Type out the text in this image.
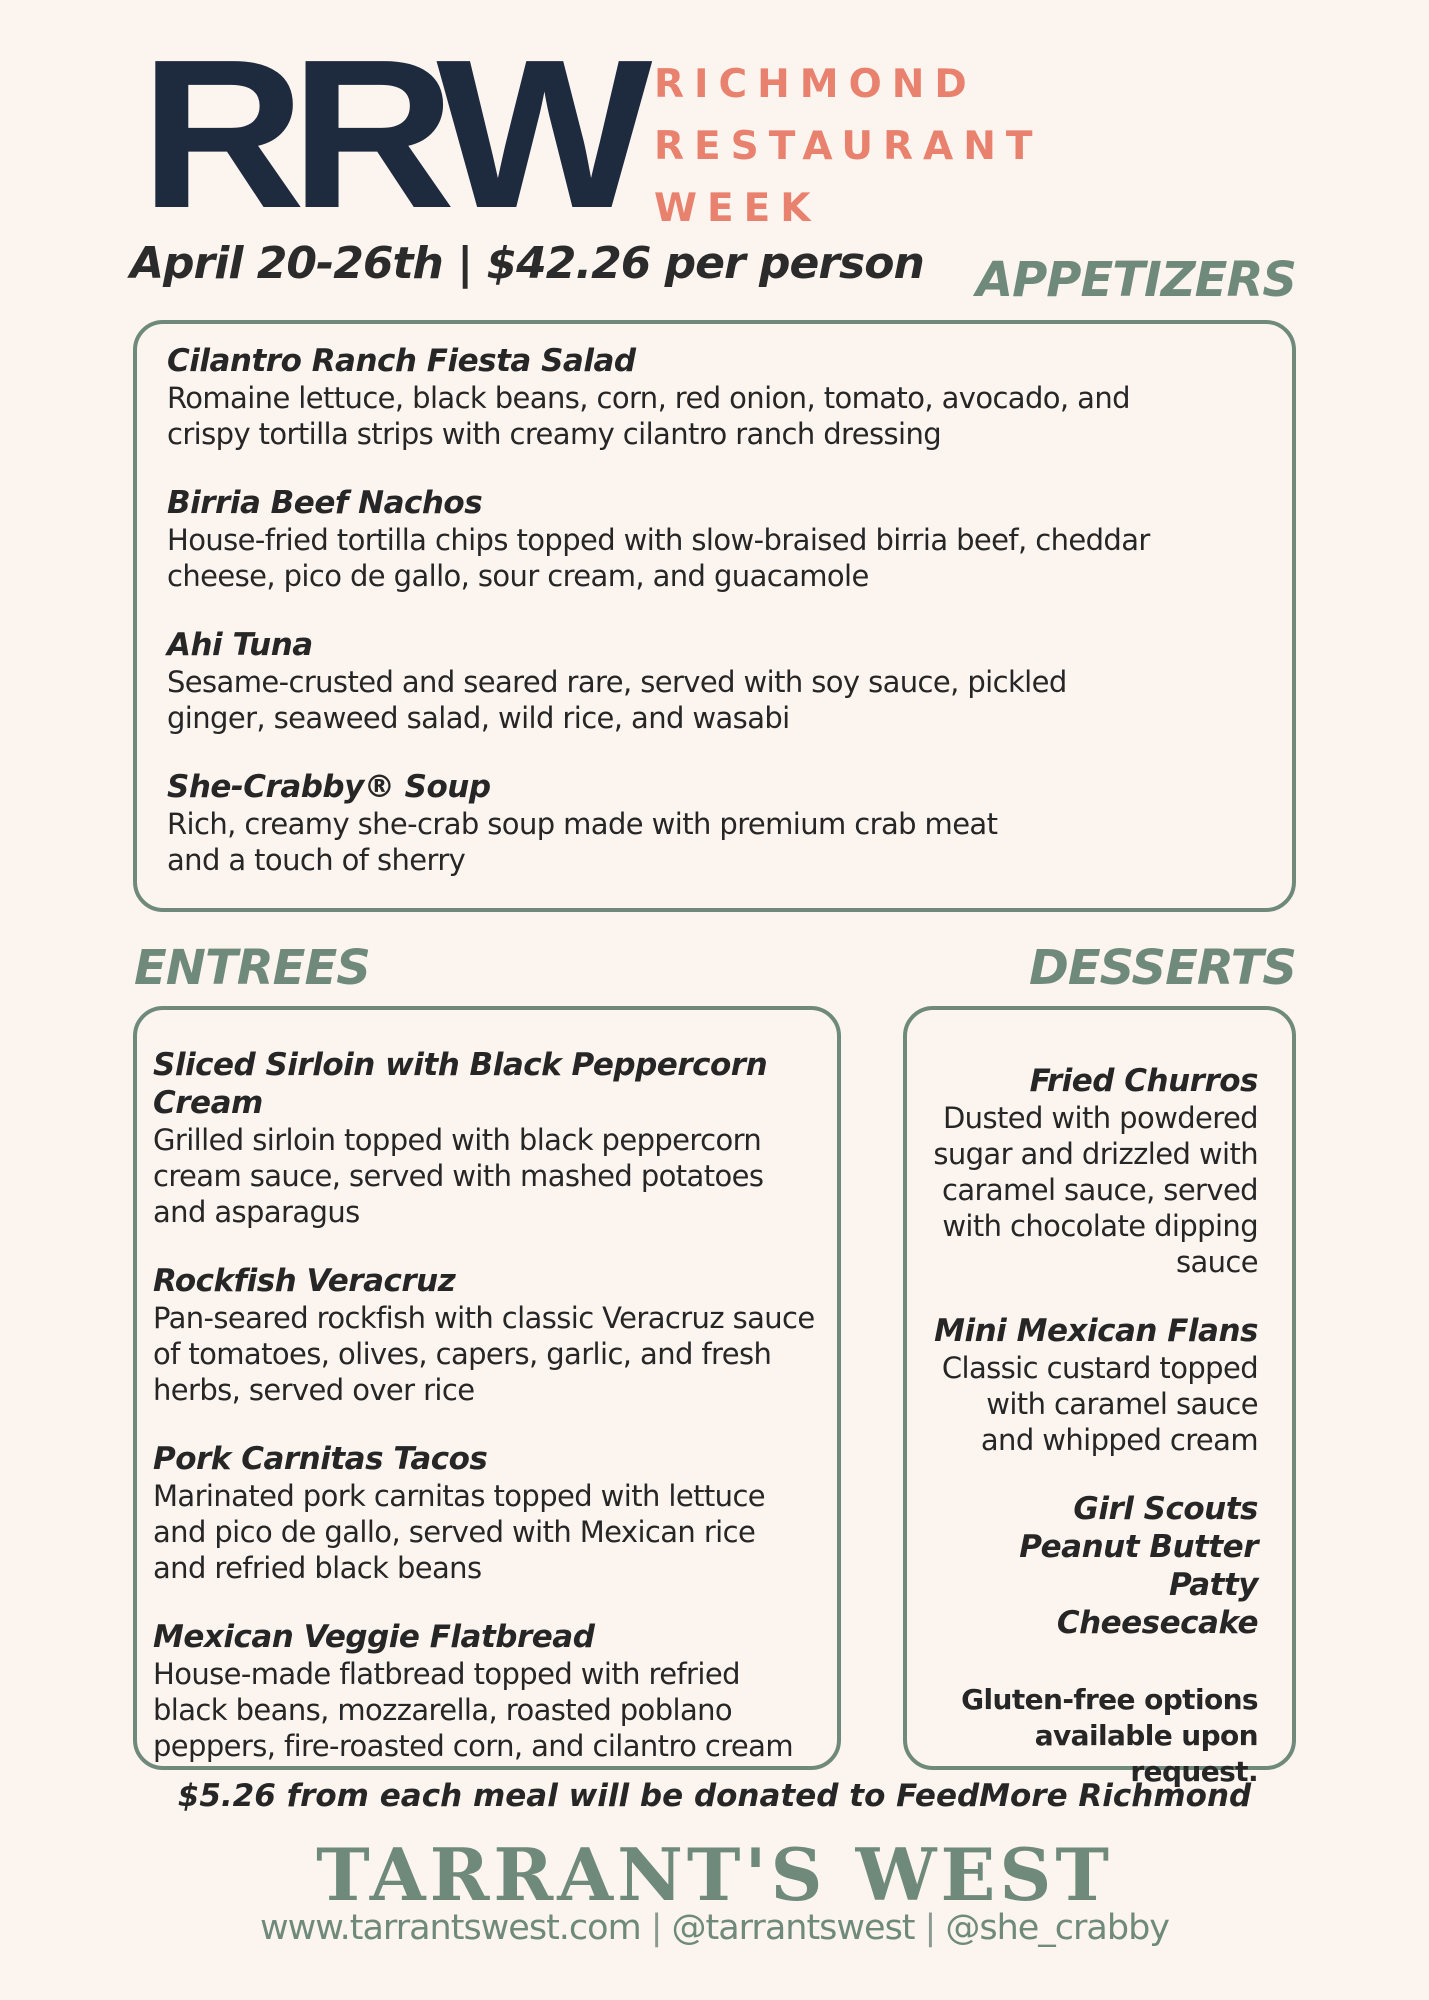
RRW RICHMOND
RESTAURANT
WEEK
April 20-26th | $42.26 per person APPETIZERS
Cilantro Ranch Fiesta Salad
Romaine lettuce, black beans, corn, red onion, tomato, avocado, and crispy tortilla strips with creamy cilantro ranch dressing
Birria Beef Nachos
House-fried tortilla chips topped with slow-braised birria beef, cheddar cheese, pico de gallo, sour cream, and guacamole
Ahi Tuna
Sesame-crusted and seared rare, served with soy sauce, pickled ginger, seaweed salad, wild rice, and wasabi
She-Crabby® Soup
Rich, creamy she-crab soup made with premium crab meat and a touch of sherry
ENTREES
Sliced Sirloin with Black Peppercorn Cream
Grilled sirloin topped with black peppercorn cream sauce, served with mashed potatoes and asparagus
Rockfish Veracruz
Pan-seared rockfish with classic Veracruz sauce of tomatoes, olives, capers, garlic, and fresh herbs, served over rice
Pork Carnitas Tacos
Marinated pork carnitas topped with lettuce and pico de gallo, served with Mexican rice and refried black beans
Mexican Veggie Flatbread
House-made flatbread topped with refried black beans, mozzarella, roasted poblano peppers, fire-roasted corn, and cilantro cream
DESSERTS
Fried Churros
Dusted with powdered sugar and drizzled with caramel sauce, served with chocolate dipping sauce
Mini Mexican Flans
Classic custard topped with caramel sauce and whipped cream
Girl Scouts Peanut Butter Patty Cheesecake
Gluten-free options available upon request.
$5.26 from each meal will be donated to FeedMore Richmond
TARRANT'S WEST
www.tarrantswest.com | @tarrantswest | @she_crabby
